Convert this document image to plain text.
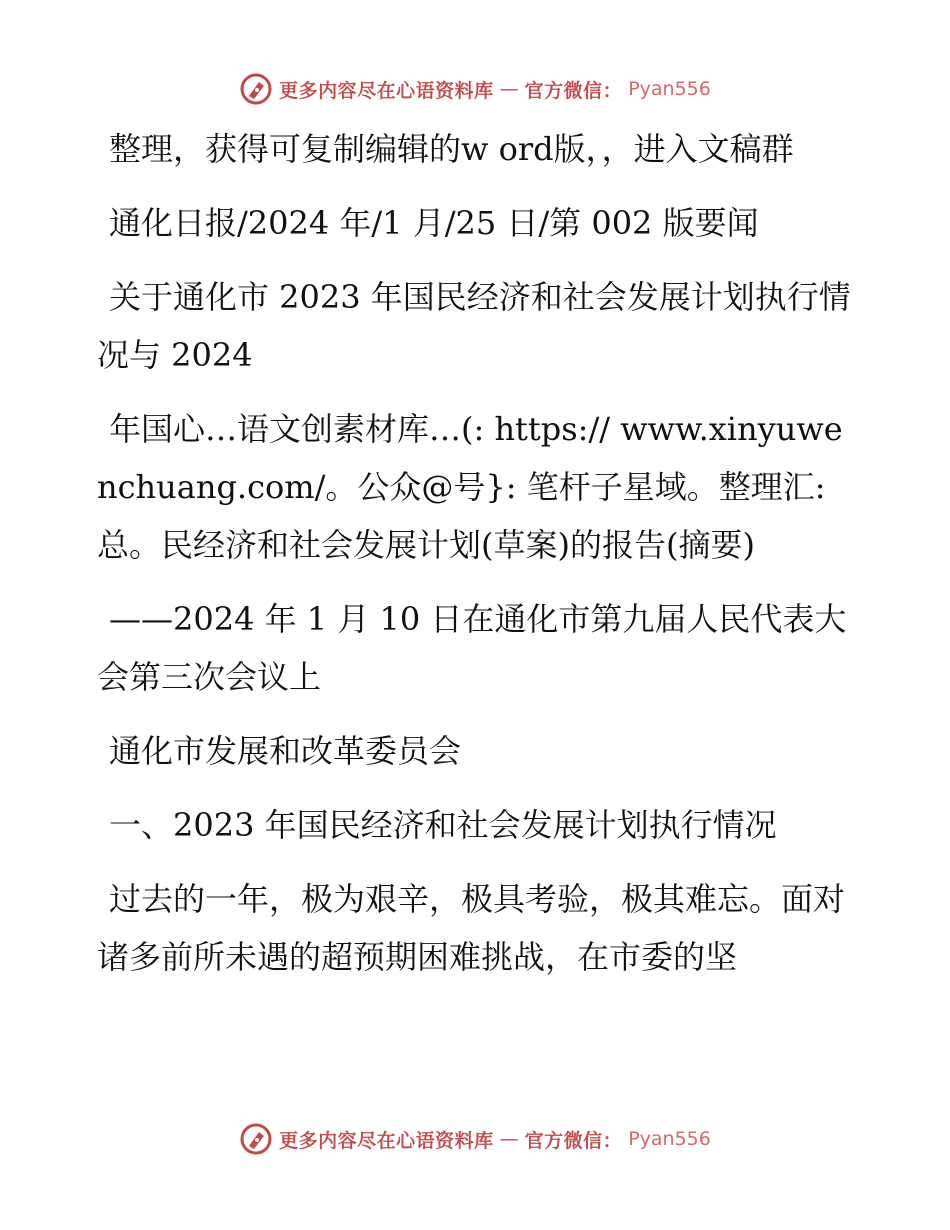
更多内容尽在心语资料库 — 官方微信： Pyan556

整理，获得可复制编辑的w ord版，，进入文稿群

通化日报/2024 年/1 月/25 日/第 002 版要闻

关于通化市 2023 年国民经济和社会发展计划执行情况与 2024

年国心…语文创素材库…(: https:// www.xinyuwenchuang.com/。公众@号}: 笔杆子星域。整理汇:总。民经济和社会发展计划(草案)的报告(摘要)

——2024 年 1 月 10 日在通化市第九届人民代表大会第三次会议上

通化市发展和改革委员会

一、2023 年国民经济和社会发展计划执行情况

过去的一年，极为艰辛，极具考验，极其难忘。面对诸多前所未遇的超预期困难挑战，在市委的坚

更多内容尽在心语资料库 — 官方微信： Pyan556
